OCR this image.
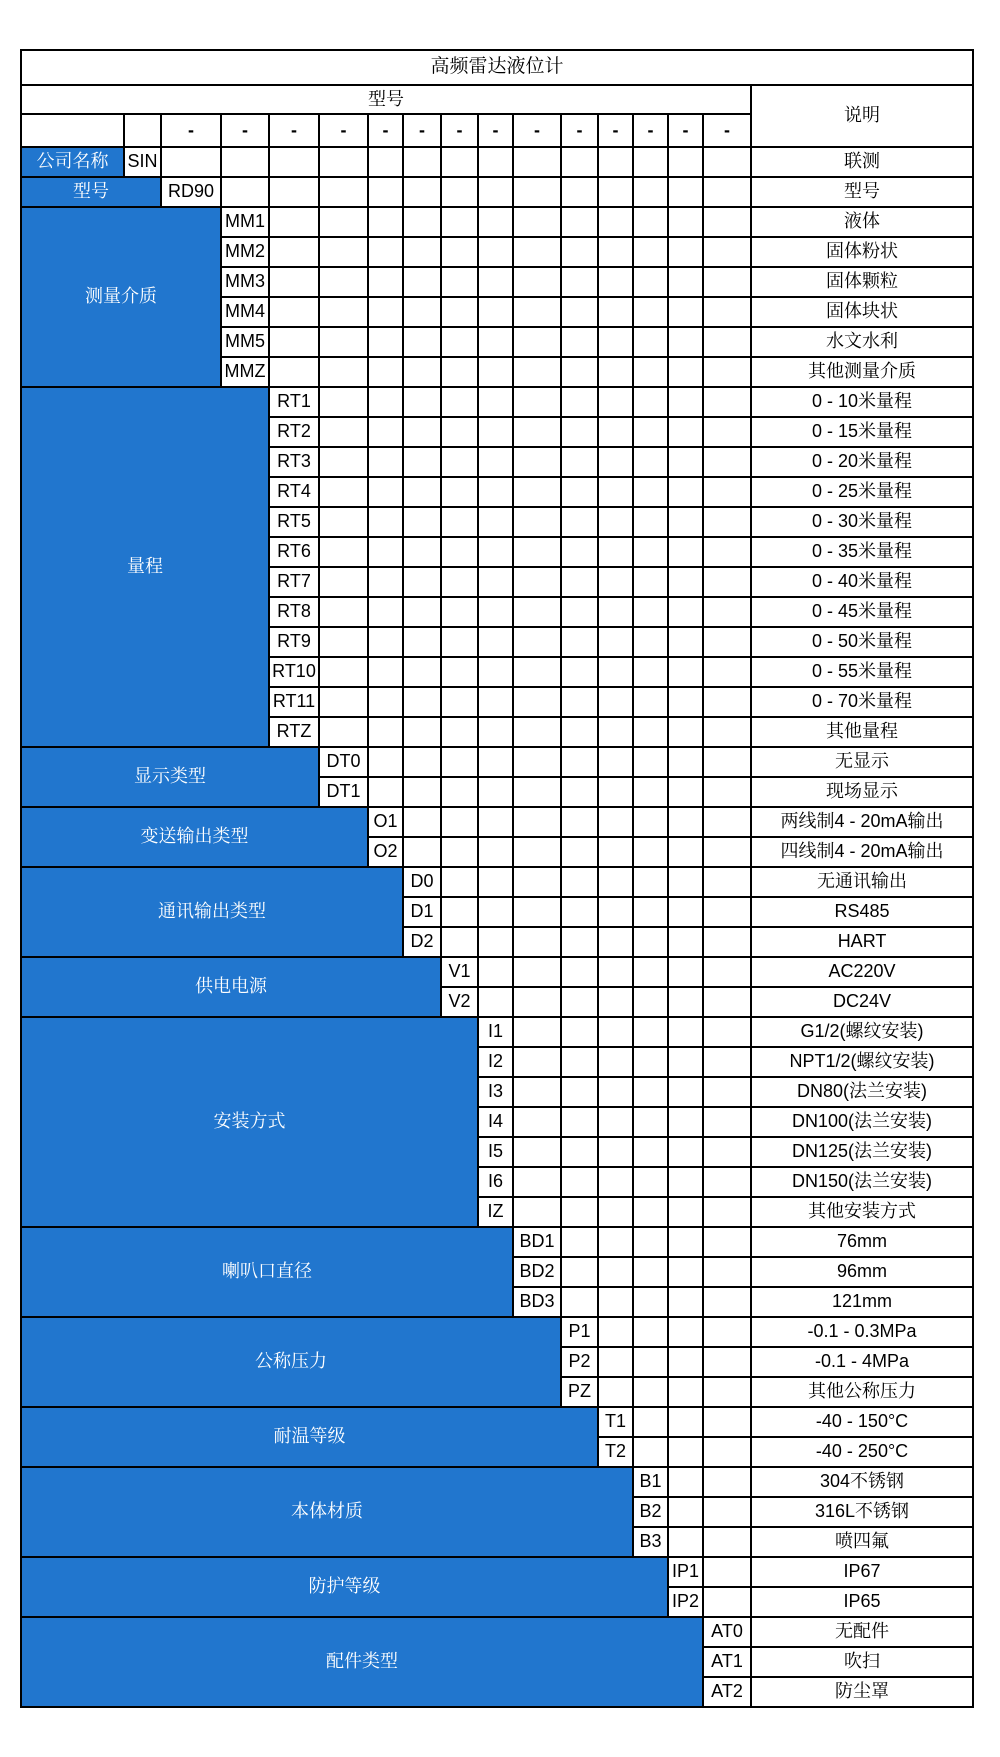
高频雷达液位计																
型号																说明
		-	-	-	-	-	-	-	-	-	-	-	-	-	-	
公司名称	SIN															联测
型号		RD90														型号
测量介质			MM1													液体
			MM2													固体粉状
			MM3													固体颗粒
			MM4													固体块状
			MM5													水文水利
			MMZ													其他测量介质
量程				RT1												0 - 10米量程
				RT2												0 - 15米量程
				RT3												0 - 20米量程
				RT4												0 - 25米量程
				RT5												0 - 30米量程
				RT6												0 - 35米量程
				RT7												0 - 40米量程
				RT8												0 - 45米量程
				RT9												0 - 50米量程
				RT10												0 - 55米量程
				RT11												0 - 70米量程
				RTZ												其他量程
显示类型					DT0											无显示
					DT1											现场显示
变送输出类型						O1										两线制4 - 20mA输出
						O2										四线制4 - 20mA输出
通讯输出类型							D0									无通讯输出
							D1									RS485
							D2									HART
供电电源								V1								AC220V
								V2								DC24V
安装方式									I1							G1/2(螺纹安装)
									I2							NPT1/2(螺纹安装)
									I3							DN80(法兰安装)
									I4							DN100(法兰安装)
									I5							DN125(法兰安装)
									I6							DN150(法兰安装)
									IZ							其他安装方式
喇叭口直径										BD1						76mm
										BD2						96mm
										BD3						121mm
公称压力											P1					-0.1 - 0.3MPa
											P2					-0.1 - 4MPa
											PZ					其他公称压力
耐温等级												T1				-40 - 150°C
												T2				-40 - 250°C
本体材质													B1			304不锈钢
													B2			316L不锈钢
													B3			喷四氟
防护等级														IP1		IP67
														IP2		IP65
配件类型															AT0	无配件
															AT1	吹扫
															AT2	防尘罩
